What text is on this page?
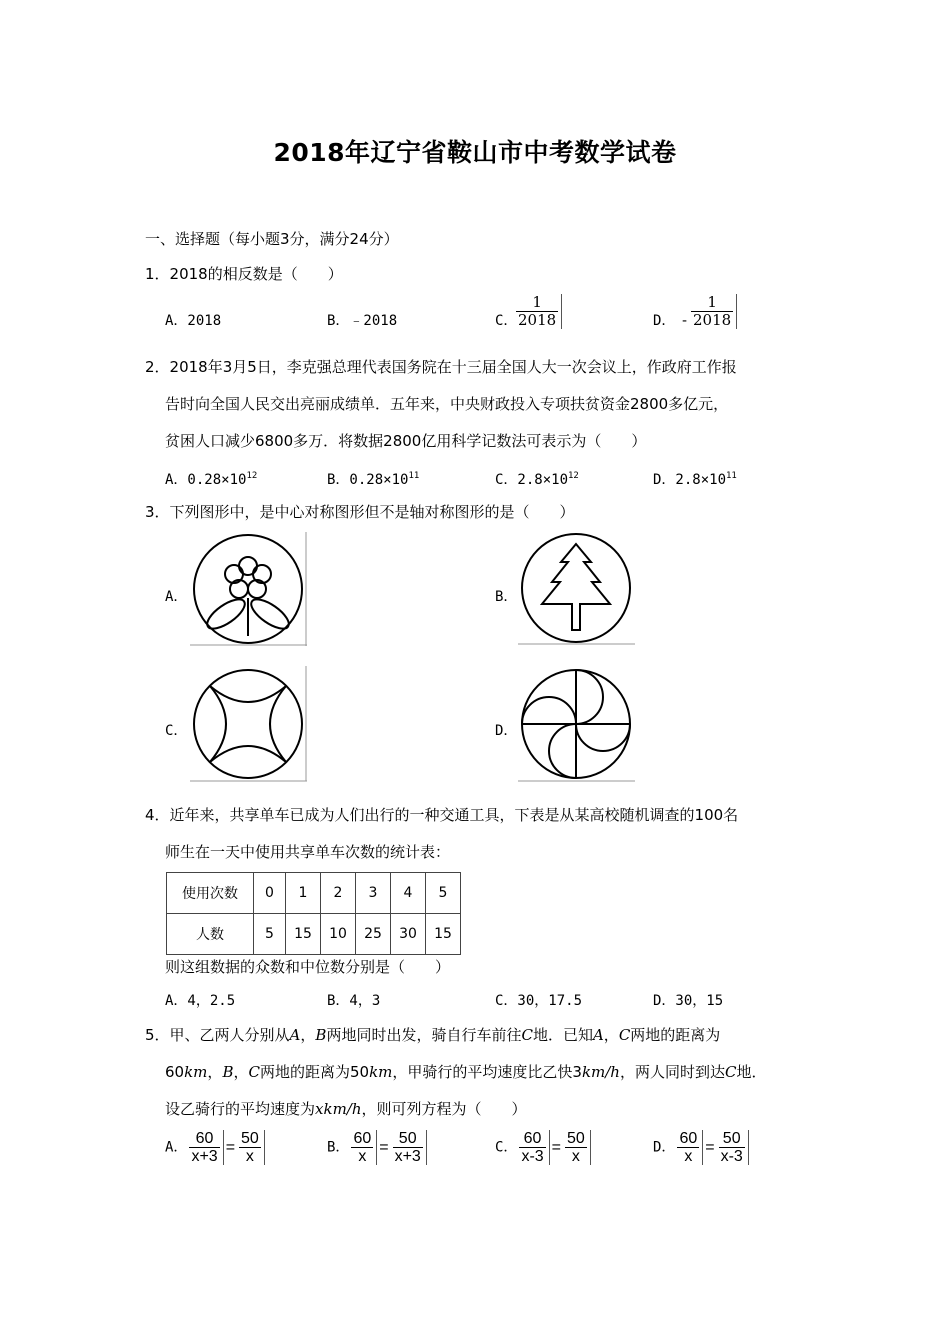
2018年辽宁省鞍山市中考数学试卷
一、选择题（每小题3分，满分24分）
1．2018的相反数是（　　）
A．2018	B．﹣2018	C．
$\frac{1}{2018}$	D． - $\frac{1}{2018}$
2．2018年3月5日，李克强总理代表国务院在十三届全国人大一次会议上，作政府工作报
告时向全国人民交出亮丽成绩单．五年来，中央财政投入专项扶贫资金2800多亿元，
贫困人口减少6800多万．将数据2800亿用科学记数法可表示为（　　）
A．$0.28\times 10^{12}$	B．$0.28\times 10^{11}$	C．$2.8\times 10^{12}$	D．$2.8\times 10^{11}$
3．下列图形中，是中心对称图形但不是轴对称图形的是（　　）
A．	B．
C．	D．
4．近年来，共享单车已成为人们出行的一种交通工具，下表是从某高校随机调查的100名
师生在一天中使用共享单车次数的统计表：
使用次数	0	1	2	3	4	5
人数	5	15	10	25	30	15
则这组数据的众数和中位数分别是（　　）
A．4，2.5	B．4，3	C．30，17.5	D．30，15
5．甲、乙两人分别从A，B两地同时出发，骑自行车前往C地．已知A，C两地的距离为
60km，B，C两地的距离为50km，甲骑行的平均速度比乙快3km/h，两人同时到达C地．
设乙骑行的平均速度为xkm/h，则可列方程为（　　）
A． $\frac{60}{x+3} = \frac{50}{x}$	B． $\frac{60}{x} = \frac{50}{x+3}$	C． $\frac{60}{x-3} = \frac{50}{x}$	D． $\frac{60}{x} = \frac{50}{x-3}$
